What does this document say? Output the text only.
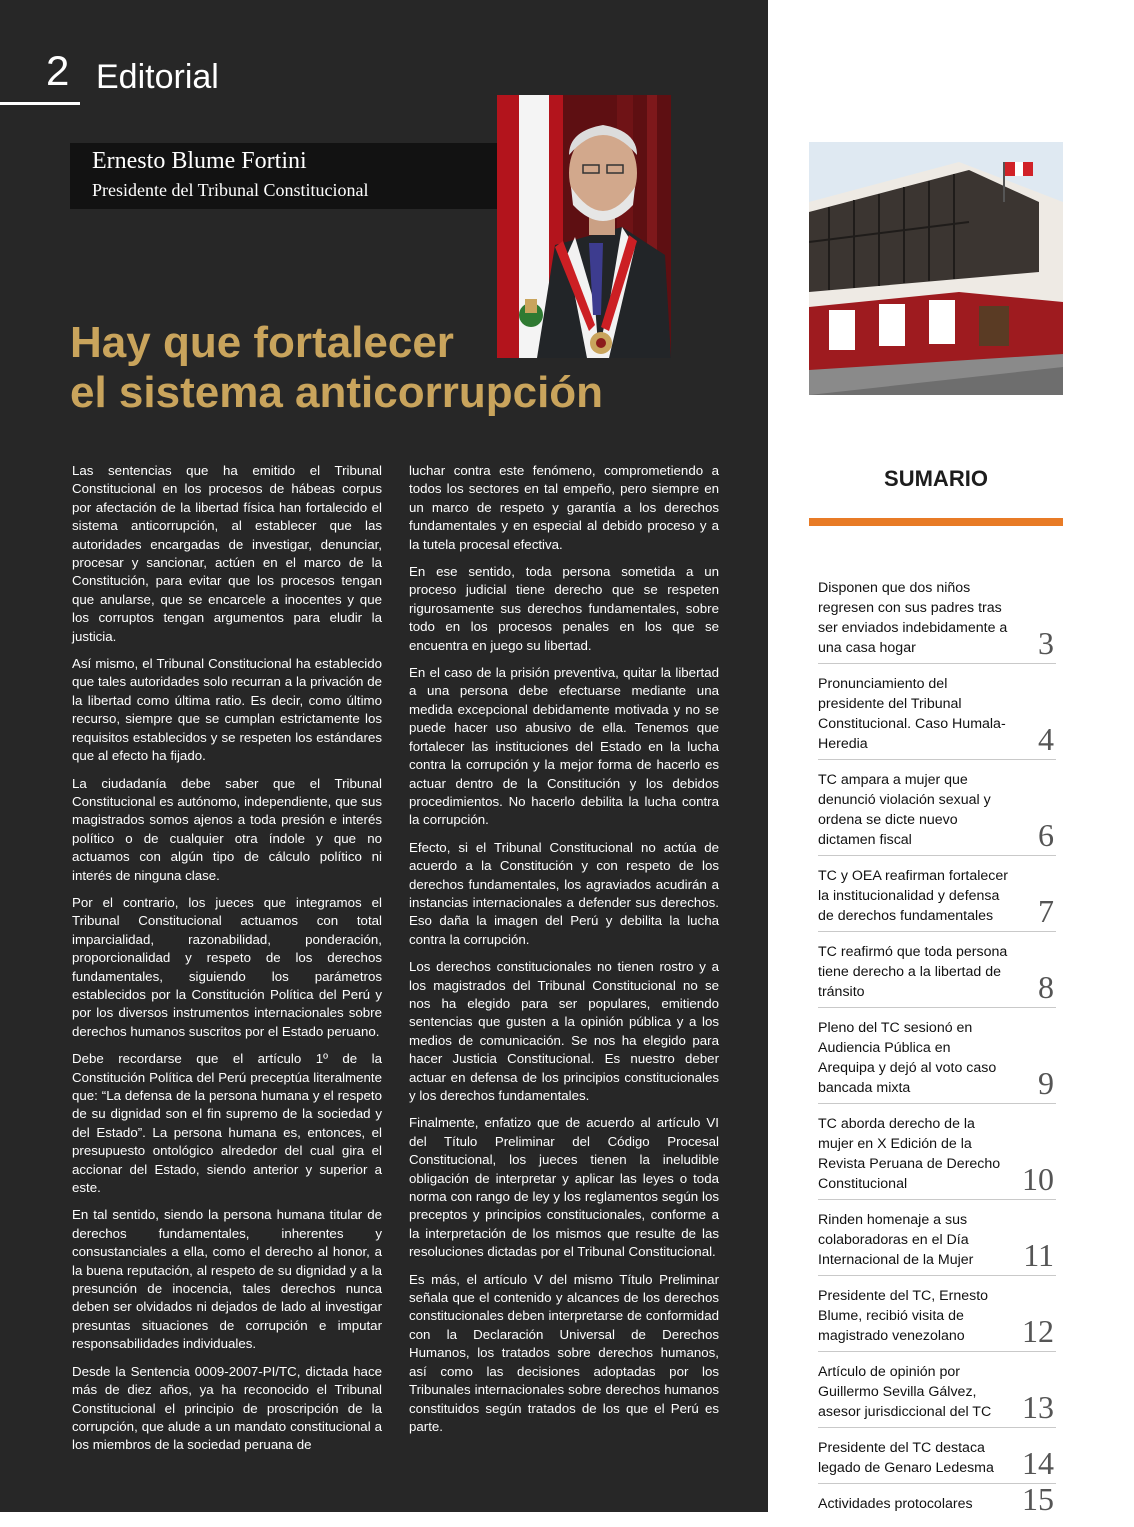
2 Editorial
Ernesto Blume Fortini
Presidente del Tribunal Constitucional
Hay que fortalecer
el sistema anticorrupción

Las sentencias que ha emitido el Tribunal Constitucional en los procesos de hábeas corpus por afectación de la libertad física han fortalecido el sistema anticorrupción, al establecer que las autoridades encargadas de investigar, denunciar, procesar y sancionar, actúen en el marco de la Constitución, para evitar que los procesos tengan que anularse, que se encarcele a inocentes y que los corruptos tengan argumentos para eludir la justicia.

Así mismo, el Tribunal Constitucional ha establecido que tales autoridades solo recurran a la privación de la libertad como última ratio. Es decir, como último recurso, siempre que se cumplan estrictamente los requisitos establecidos y se respeten los estándares que al efecto ha fijado.

La ciudadanía debe saber que el Tribunal Constitucional es autónomo, independiente, que sus magistrados somos ajenos a toda presión e interés político o de cualquier otra índole y que no actuamos con algún tipo de cálculo político ni interés de ninguna clase.

Por el contrario, los jueces que integramos el Tribunal Constitucional actuamos con total imparcialidad, razonabilidad, ponderación, proporcionalidad y respeto de los derechos fundamentales, siguiendo los parámetros establecidos por la Constitución Política del Perú y por los diversos instrumentos internacionales sobre derechos humanos suscritos por el Estado peruano.

Debe recordarse que el artículo 1º de la Constitución Política del Perú preceptúa literalmente que: “La defensa de la persona humana y el respeto de su dignidad son el fin supremo de la sociedad y del Estado”. La persona humana es, entonces, el presupuesto ontológico alrededor del cual gira el accionar del Estado, siendo anterior y superior a este.

En tal sentido, siendo la persona humana titular de derechos fundamentales, inherentes y consustanciales a ella, como el derecho al honor, a la buena reputación, al respeto de su dignidad y a la presunción de inocencia, tales derechos nunca deben ser olvidados ni dejados de lado al investigar presuntas situaciones de corrupción e imputar responsabilidades individuales.

Desde la Sentencia 0009-2007-PI/TC, dictada hace más de diez años, ya ha reconocido el Tribunal Constitucional el principio de proscripción de la corrupción, que alude a un mandato constitucional a los miembros de la sociedad peruana de

luchar contra este fenómeno, comprometiendo a todos los sectores en tal empeño, pero siempre en un marco de respeto y garantía a los derechos fundamentales y en especial al debido proceso y a la tutela procesal efectiva.

En ese sentido, toda persona sometida a un proceso judicial tiene derecho que se respeten rigurosamente sus derechos fundamentales, sobre todo en los procesos penales en los que se encuentra en juego su libertad.

En el caso de la prisión preventiva, quitar la libertad a una persona debe efectuarse mediante una medida excepcional debidamente motivada y no se puede hacer uso abusivo de ella. Tenemos que fortalecer las instituciones del Estado en la lucha contra la corrupción y la mejor forma de hacerlo es actuar dentro de la Constitución y los debidos procedimientos. No hacerlo debilita la lucha contra la corrupción.

Efecto, si el Tribunal Constitucional no actúa de acuerdo a la Constitución y con respeto de los derechos fundamentales, los agraviados acudirán a instancias internacionales a defender sus derechos. Eso daña la imagen del Perú y debilita la lucha contra la corrupción.

Los derechos constitucionales no tienen rostro y a los magistrados del Tribunal Constitucional no se nos ha elegido para ser populares, emitiendo sentencias que gusten a la opinión pública y a los medios de comunicación. Se nos ha elegido para hacer Justicia Constitucional. Es nuestro deber actuar en defensa de los principios constitucionales y los derechos fundamentales.

Finalmente, enfatizo que de acuerdo al artículo VI del Título Preliminar del Código Procesal Constitucional, los jueces tienen la ineludible obligación de interpretar y aplicar las leyes o toda norma con rango de ley y los reglamentos según los preceptos y principios constitucionales, conforme a la interpretación de los mismos que resulte de las resoluciones dictadas por el Tribunal Constitucional.

Es más, el artículo V del mismo Título Preliminar señala que el contenido y alcances de los derechos constitucionales deben interpretarse de conformidad con la Declaración Universal de Derechos Humanos, los tratados sobre derechos humanos, así como las decisiones adoptadas por los Tribunales internacionales sobre derechos humanos constituidos según tratados de los que el Perú es parte.

SUMARIO
Disponen que dos niños regresen con sus padres tras ser enviados indebidamente a una casa hogar	3
Pronunciamiento del presidente del Tribunal Constitucional. Caso Humala-Heredia	4
TC ampara a mujer que denunció violación sexual y ordena se dicte nuevo dictamen fiscal	6
TC y OEA reafirman fortalecer la institucionalidad y defensa de derechos fundamentales	7
TC reafirmó que toda persona tiene derecho a la libertad de tránsito	8
Pleno del TC sesionó en Audiencia Pública en Arequipa y dejó al voto caso bancada mixta	9
TC aborda derecho de la mujer en X Edición de la Revista Peruana de Derecho Constitucional	10
Rinden homenaje a sus colaboradoras en el Día Internacional de la Mujer	11
Presidente del TC, Ernesto Blume, recibió visita de magistrado venezolano	12
Artículo de opinión por Guillermo Sevilla Gálvez, asesor jurisdiccional del TC 13
Presidente del TC destaca legado de Genaro Ledesma 14
Actividades protocolares	15
